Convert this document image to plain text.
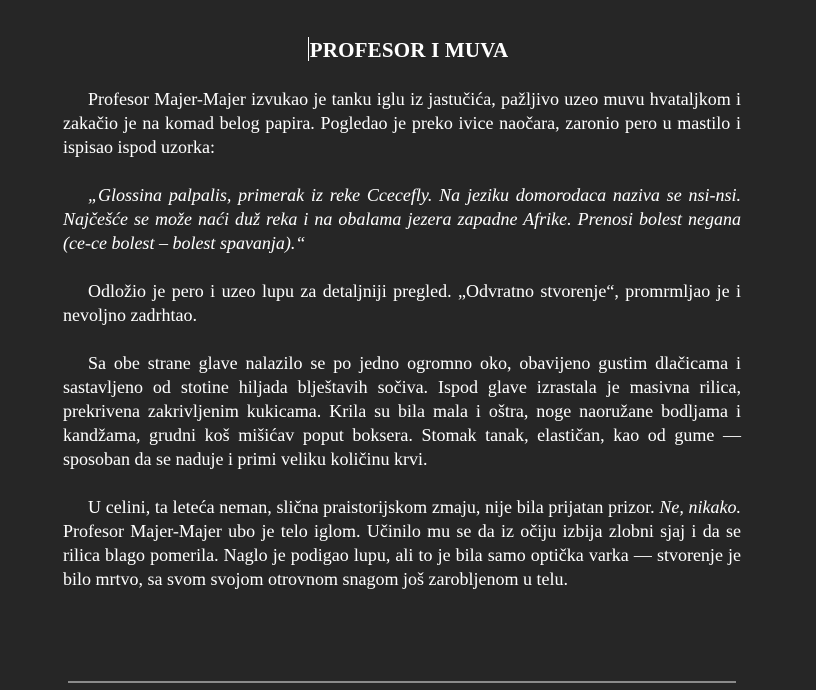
PROFESOR I MUVA

Profesor Majer-Majer izvukao je tanku iglu iz jastučića, pažljivo uzeo muvu hvataljkom i zakačio je na komad belog papira. Pogledao je preko ivice naočara, zaronio pero u mastilo i ispisao ispod uzorka:

„Glossina palpalis, primerak iz reke Ccecefly. Na jeziku domorodaca naziva se nsi-nsi. Najčešće se može naći duž reka i na obalama jezera zapadne Afrike. Prenosi bolest negana (ce-ce bolest – bolest spavanja).“

Odložio je pero i uzeo lupu za detaljniji pregled. „Odvratno stvorenje“, promrmljao je i nevoljno zadrhtao.

Sa obe strane glave nalazilo se po jedno ogromno oko, obavijeno gustim dlačicama i sastavljeno od stotine hiljada blještavih sočiva. Ispod glave izrastala je masivna rilica, prekrivena zakrivljenim kukicama. Krila su bila mala i oštra, noge naoružane bodljama i kandžama, grudni koš mišićav poput boksera. Stomak tanak, elastičan, kao od gume — sposoban da se naduje i primi veliku količinu krvi.

U celini, ta leteća neman, slična praistorijskom zmaju, nije bila prijatan prizor. Ne, nikako. Profesor Majer-Majer ubo je telo iglom. Učinilo mu se da iz očiju izbija zlobni sjaj i da se rilica blago pomerila. Naglo je podigao lupu, ali to je bila samo optička varka — stvorenje je bilo mrtvo, sa svom svojom otrovnom snagom još zarobljenom u telu.
